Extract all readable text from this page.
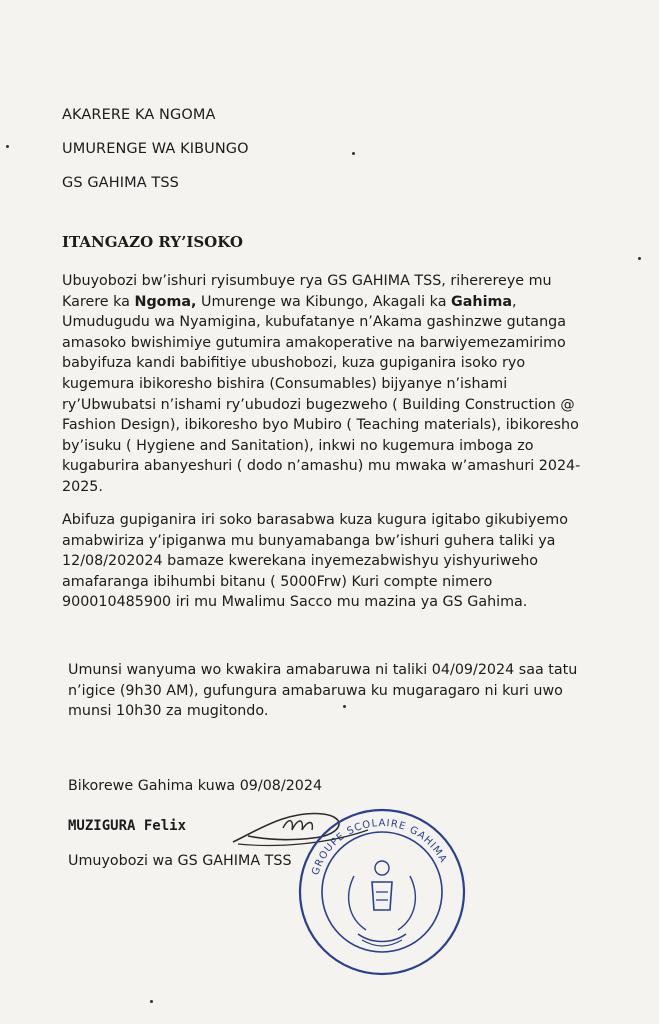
AKARERE KA NGOMA
UMURENGE WA KIBUNGO
GS GAHIMA TSS
ITANGAZO RY’ISOKO
Ubuyobozi bw’ishuri ryisumbuye rya GS GAHIMA TSS, riherereye mu
Karere ka Ngoma, Umurenge wa Kibungo, Akagali ka Gahima,
Umudugudu wa Nyamigina, kubufatanye n’Akama gashinzwe gutanga
amasoko bwishimiye gutumira amakoperative na barwiyemezamirimo
babyifuza kandi babifitiye ubushobozi, kuza gupiganira isoko ryo
kugemura ibikoresho bishira (Consumables) bijyanye n’ishami
ry’Ubwubatsi n’ishami ry’ubudozi bugezweho ( Building Construction @
Fashion Design), ibikoresho byo Mubiro ( Teaching materials), ibikoresho
by’isuku ( Hygiene and Sanitation), inkwi no kugemura imboga zo
kugaburira abanyeshuri ( dodo n’amashu) mu mwaka w’amashuri 2024-
2025.
Abifuza gupiganira iri soko barasabwa kuza kugura igitabo gikubiyemo
amabwiriza y’ipiganwa mu bunyamabanga bw’ishuri guhera taliki ya
12/08/202024 bamaze kwerekana inyemezabwishyu yishyuriweho
amafaranga ibihumbi bitanu ( 5000Frw) Kuri compte nimero
900010485900 iri mu Mwalimu Sacco mu mazina ya GS Gahima.
Umunsi wanyuma wo kwakira amabaruwa ni taliki 04/09/2024 saa tatu
n’igice (9h30 AM), gufungura amabaruwa ku mugaragaro ni kuri uwo
munsi 10h30 za mugitondo.
Bikorewe Gahima kuwa 09/08/2024
MUZIGURA Felix
Umuyobozi wa GS GAHIMA TSS
GROUPE SCOLAIRE GAHIMA
